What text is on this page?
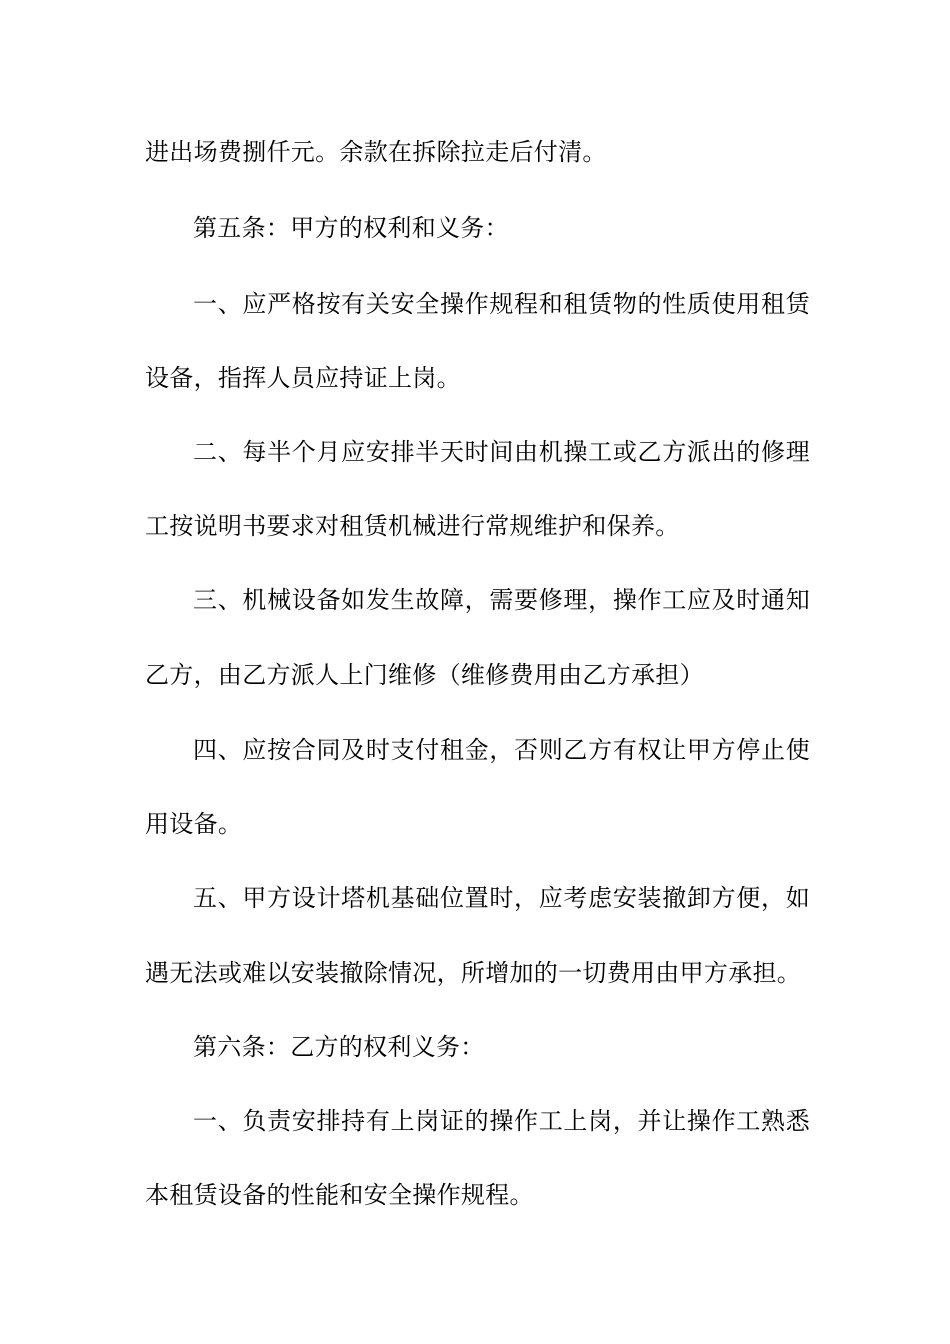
进出场费捌仟元。余款在拆除拉走后付清。
第五条：甲方的权利和义务：
一、应严格按有关安全操作规程和租赁物的性质使用租赁
设备，指挥人员应持证上岗。
二、每半个月应安排半天时间由机操工或乙方派出的修理
工按说明书要求对租赁机械进行常规维护和保养。
三、机械设备如发生故障，需要修理，操作工应及时通知
乙方，由乙方派人上门维修（维修费用由乙方承担）
四、应按合同及时支付租金，否则乙方有权让甲方停止使
用设备。
五、甲方设计塔机基础位置时，应考虑安装撤卸方便，如
遇无法或难以安装撤除情况，所增加的一切费用由甲方承担。
第六条：乙方的权利义务：
一、负责安排持有上岗证的操作工上岗，并让操作工熟悉
本租赁设备的性能和安全操作规程。
